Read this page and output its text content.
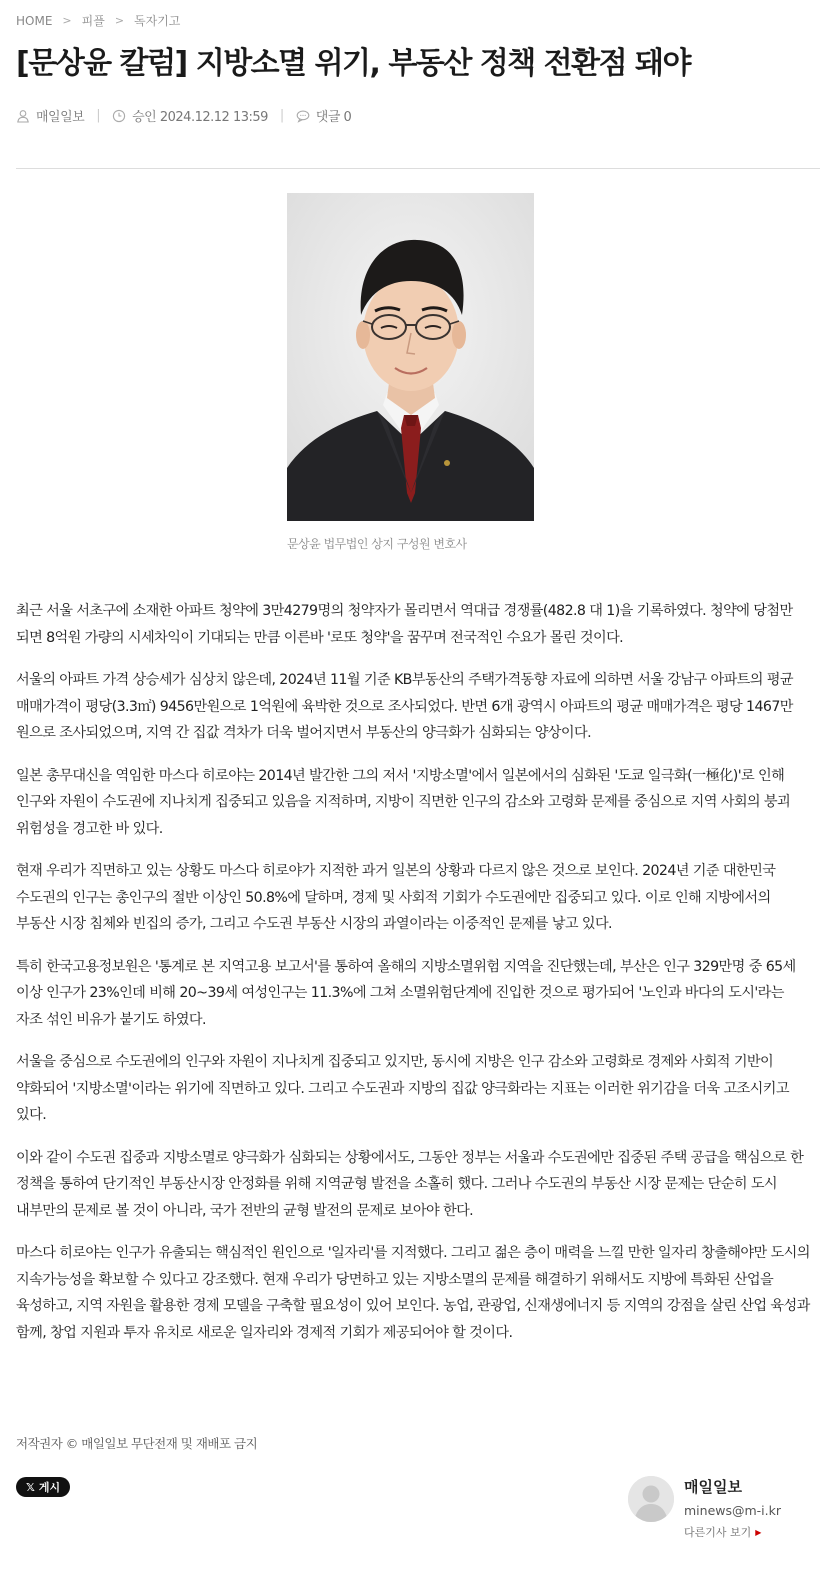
HOME > 피플 > 독자기고
[문상윤 칼럼] 지방소멸 위기, 부동산 정책 전환점 돼야
매일일보 | 승인 2024.12.12 13:59 | 댓글 0
문상윤 법무법인 상지 구성원 변호사

최근 서울 서초구에 소재한 아파트 청약에 3만4279명의 청약자가 몰리면서 역대급 경쟁률(482.8 대 1)을 기록하였다. 청약에 당첨만 되면 8억원 가량의 시세차익이 기대되는 만큼 이른바 '로또 청약'을 꿈꾸며 전국적인 수요가 몰린 것이다.

서울의 아파트 가격 상승세가 심상치 않은데, 2024년 11월 기준 KB부동산의 주택가격동향 자료에 의하면 서울 강남구 아파트의 평균 매매가격이 평당(3.3㎡) 9456만원으로 1억원에 육박한 것으로 조사되었다. 반면 6개 광역시 아파트의 평균 매매가격은 평당 1467만 원으로 조사되었으며, 지역 간 집값 격차가 더욱 벌어지면서 부동산의 양극화가 심화되는 양상이다.

일본 총무대신을 역임한 마스다 히로야는 2014년 발간한 그의 저서 '지방소멸'에서 일본에서의 심화된 '도쿄 일극화(一極化)'로 인해 인구와 자원이 수도권에 지나치게 집중되고 있음을 지적하며, 지방이 직면한 인구의 감소와 고령화 문제를 중심으로 지역 사회의 붕괴 위험성을 경고한 바 있다.

현재 우리가 직면하고 있는 상황도 마스다 히로야가 지적한 과거 일본의 상황과 다르지 않은 것으로 보인다. 2024년 기준 대한민국 수도권의 인구는 총인구의 절반 이상인 50.8%에 달하며, 경제 및 사회적 기회가 수도권에만 집중되고 있다. 이로 인해 지방에서의 부동산 시장 침체와 빈집의 증가, 그리고 수도권 부동산 시장의 과열이라는 이중적인 문제를 낳고 있다.

특히 한국고용정보원은 '통계로 본 지역고용 보고서'를 통하여 올해의 지방소멸위험 지역을 진단했는데, 부산은 인구 329만명 중 65세 이상 인구가 23%인데 비해 20~39세 여성인구는 11.3%에 그쳐 소멸위험단계에 진입한 것으로 평가되어 '노인과 바다의 도시'라는 자조 섞인 비유가 붙기도 하였다.

서울을 중심으로 수도권에의 인구와 자원이 지나치게 집중되고 있지만, 동시에 지방은 인구 감소와 고령화로 경제와 사회적 기반이 약화되어 '지방소멸'이라는 위기에 직면하고 있다. 그리고 수도권과 지방의 집값 양극화라는 지표는 이러한 위기감을 더욱 고조시키고 있다.

이와 같이 수도권 집중과 지방소멸로 양극화가 심화되는 상황에서도, 그동안 정부는 서울과 수도권에만 집중된 주택 공급을 핵심으로 한 정책을 통하여 단기적인 부동산시장 안정화를 위해 지역균형 발전을 소홀히 했다. 그러나 수도권의 부동산 시장 문제는 단순히 도시 내부만의 문제로 볼 것이 아니라, 국가 전반의 균형 발전의 문제로 보아야 한다.

마스다 히로야는 인구가 유출되는 핵심적인 원인으로 '일자리'를 지적했다. 그리고 젊은 층이 매력을 느낄 만한 일자리 창출해야만 도시의 지속가능성을 확보할 수 있다고 강조했다. 현재 우리가 당면하고 있는 지방소멸의 문제를 해결하기 위해서도 지방에 특화된 산업을 육성하고, 지역 자원을 활용한 경제 모델을 구축할 필요성이 있어 보인다. 농업, 관광업, 신재생에너지 등 지역의 강점을 살린 산업 육성과 함께, 창업 지원과 투자 유치로 새로운 일자리와 경제적 기회가 제공되어야 할 것이다.

저작권자 © 매일일보 무단전재 및 재배포 금지
𝕏 게시	매일일보
minews@m-i.kr
다른기사 보기 ▶
